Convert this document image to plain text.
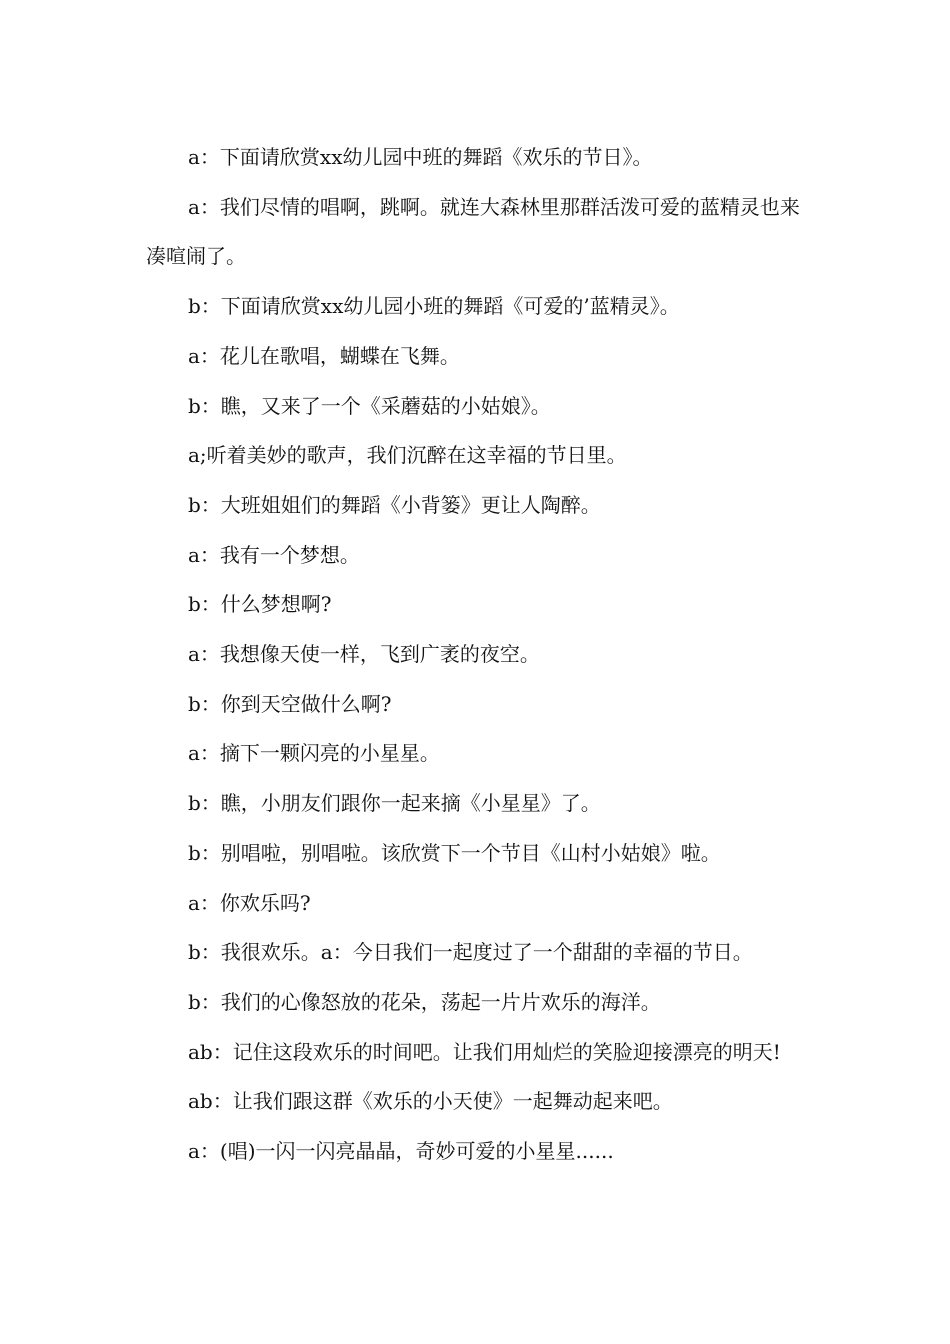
a：下面请欣赏xx幼儿园中班的舞蹈《欢乐的节日》。

a：我们尽情的唱啊，跳啊。就连大森林里那群活泼可爱的蓝精灵也来凑喧闹了。

b：下面请欣赏xx幼儿园小班的舞蹈《可爱的’蓝精灵》。

a：花儿在歌唱，蝴蝶在飞舞。

b：瞧，又来了一个《采蘑菇的小姑娘》。

a;听着美妙的歌声，我们沉醉在这幸福的节日里。

b：大班姐姐们的舞蹈《小背篓》更让人陶醉。

a：我有一个梦想。

b：什么梦想啊?

a：我想像天使一样，飞到广袤的夜空。

b：你到天空做什么啊?

a：摘下一颗闪亮的小星星。

b：瞧，小朋友们跟你一起来摘《小星星》了。

b：别唱啦，别唱啦。该欣赏下一个节目《山村小姑娘》啦。

a：你欢乐吗?

b：我很欢乐。a：今日我们一起度过了一个甜甜的幸福的节日。

b：我们的心像怒放的花朵，荡起一片片欢乐的海洋。

ab：记住这段欢乐的时间吧。让我们用灿烂的笑脸迎接漂亮的明天!

ab：让我们跟这群《欢乐的小天使》一起舞动起来吧。

a：(唱)一闪一闪亮晶晶，奇妙可爱的小星星......
